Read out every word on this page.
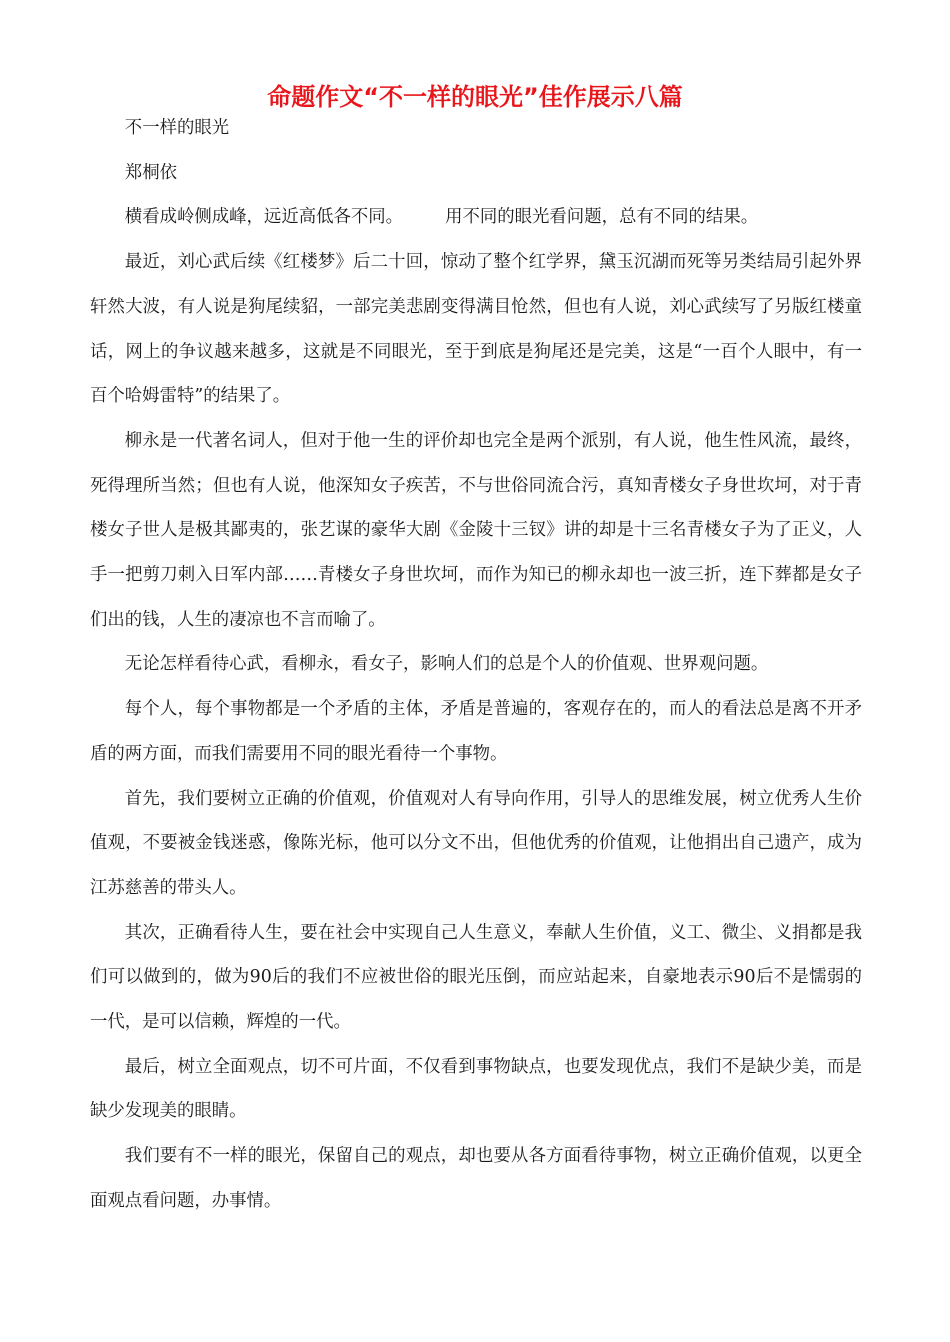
命题作文“不一样的眼光”佳作展示八篇

不一样的眼光

郑桐依

横看成岭侧成峰，远近高低各不同。 用不同的眼光看问题，总有不同的结果。

最近，刘心武后续《红楼梦》后二十回，惊动了整个红学界，黛玉沉湖而死等另类结局引起外界轩然大波，有人说是狗尾续貂，一部完美悲剧变得满目怆然，但也有人说，刘心武续写了另版红楼童话，网上的争议越来越多，这就是不同眼光，至于到底是狗尾还是完美，这是“一百个人眼中，有一百个哈姆雷特”的结果了。

柳永是一代著名词人，但对于他一生的评价却也完全是两个派别，有人说，他生性风流，最终，死得理所当然；但也有人说，他深知女子疾苦，不与世俗同流合污，真知青楼女子身世坎坷，对于青楼女子世人是极其鄙夷的，张艺谋的豪华大剧《金陵十三钗》讲的却是十三名青楼女子为了正义，人手一把剪刀刺入日军内部……青楼女子身世坎坷，而作为知已的柳永却也一波三折，连下葬都是女子们出的钱，人生的凄凉也不言而喻了。

无论怎样看待心武，看柳永，看女子，影响人们的总是个人的价值观、世界观问题。

每个人，每个事物都是一个矛盾的主体，矛盾是普遍的，客观存在的，而人的看法总是离不开矛盾的两方面，而我们需要用不同的眼光看待一个事物。

首先，我们要树立正确的价值观，价值观对人有导向作用，引导人的思维发展，树立优秀人生价值观，不要被金钱迷惑，像陈光标，他可以分文不出，但他优秀的价值观，让他捐出自己遗产，成为江苏慈善的带头人。

其次，正确看待人生，要在社会中实现自己人生意义，奉献人生价值，义工、微尘、义捐都是我们可以做到的，做为90后的我们不应被世俗的眼光压倒，而应站起来，自豪地表示90后不是懦弱的一代，是可以信赖，辉煌的一代。

最后，树立全面观点，切不可片面，不仅看到事物缺点，也要发现优点，我们不是缺少美，而是缺少发现美的眼睛。

我们要有不一样的眼光，保留自己的观点，却也要从各方面看待事物，树立正确价值观，以更全面观点看问题，办事情。
